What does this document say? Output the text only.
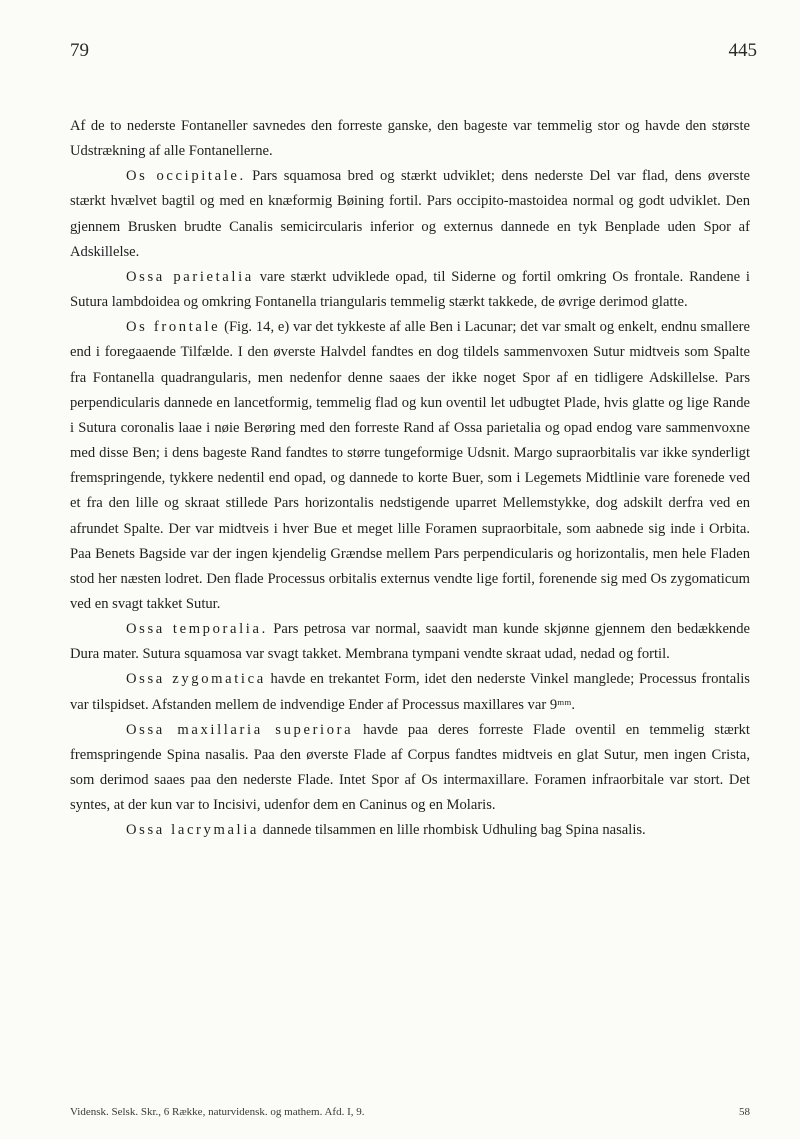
79	445

Af de to nederste Fontaneller savnedes den forreste ganske, den bageste var temmelig stor og havde den største Udstrækning af alle Fontanellerne.

Os occipitale. Pars squamosa bred og stærkt udviklet; dens nederste Del var flad, dens øverste stærkt hvælvet bagtil og med en knæformig Bøining fortil. Pars occipito-mastoidea normal og godt udviklet. Den gjennem Brusken brudte Canalis semicircularis inferior og externus dannede en tyk Benplade uden Spor af Adskillelse.

Ossa parietalia vare stærkt udviklede opad, til Siderne og fortil omkring Os frontale. Randene i Sutura lambdoidea og omkring Fontanella triangularis temmelig stærkt takkede, de øvrige derimod glatte.

Os frontale (Fig. 14, e) var det tykkeste af alle Ben i Lacunar; det var smalt og enkelt, endnu smallere end i foregaaende Tilfælde. I den øverste Halvdel fandtes en dog tildels sammenvoxen Sutur midtveis som Spalte fra Fontanella quadrangularis, men nedenfor denne saaes der ikke noget Spor af en tidligere Adskillelse. Pars perpendicularis dannede en lancetformig, temmelig flad og kun oventil let udbugtet Plade, hvis glatte og lige Rande i Sutura coronalis laae i nøie Berøring med den forreste Rand af Ossa parietalia og opad endog vare sammenvoxne med disse Ben; i dens bageste Rand fandtes to større tungeformige Udsnit. Margo supraorbitalis var ikke synderligt fremspringende, tykkere nedentil end opad, og dannede to korte Buer, som i Legemets Midtlinie vare forenede ved et fra den lille og skraat stillede Pars horizontalis nedstigende uparret Mellemstykke, dog adskilt derfra ved en afrundet Spalte. Der var midtveis i hver Bue et meget lille Foramen supraorbitale, som aabnede sig inde i Orbita. Paa Benets Bagside var der ingen kjendelig Grændse mellem Pars perpendicularis og horizontalis, men hele Fladen stod her næsten lodret. Den flade Processus orbitalis externus vendte lige fortil, forenende sig med Os zygomaticum ved en svagt takket Sutur.

Ossa temporalia. Pars petrosa var normal, saavidt man kunde skjønne gjennem den bedækkende Dura mater. Sutura squamosa var svagt takket. Membrana tympani vendte skraat udad, nedad og fortil.

Ossa zygomatica havde en trekantet Form, idet den nederste Vinkel manglede; Processus frontalis var tilspidset. Afstanden mellem de indvendige Ender af Processus maxillares var 9ᵐᵐ.

Ossa maxillaria superiora havde paa deres forreste Flade oventil en temmelig stærkt fremspringende Spina nasalis. Paa den øverste Flade af Corpus fandtes midtveis en glat Sutur, men ingen Crista, som derimod saaes paa den nederste Flade. Intet Spor af Os intermaxillare. Foramen infraorbitale var stort. Det syntes, at der kun var to Incisivi, udenfor dem en Caninus og en Molaris.

Ossa lacrymalia dannede tilsammen en lille rhombisk Udhuling bag Spina nasalis.

Vidensk. Selsk. Skr., 6 Række, naturvidensk. og mathem. Afd. I, 9.	58
